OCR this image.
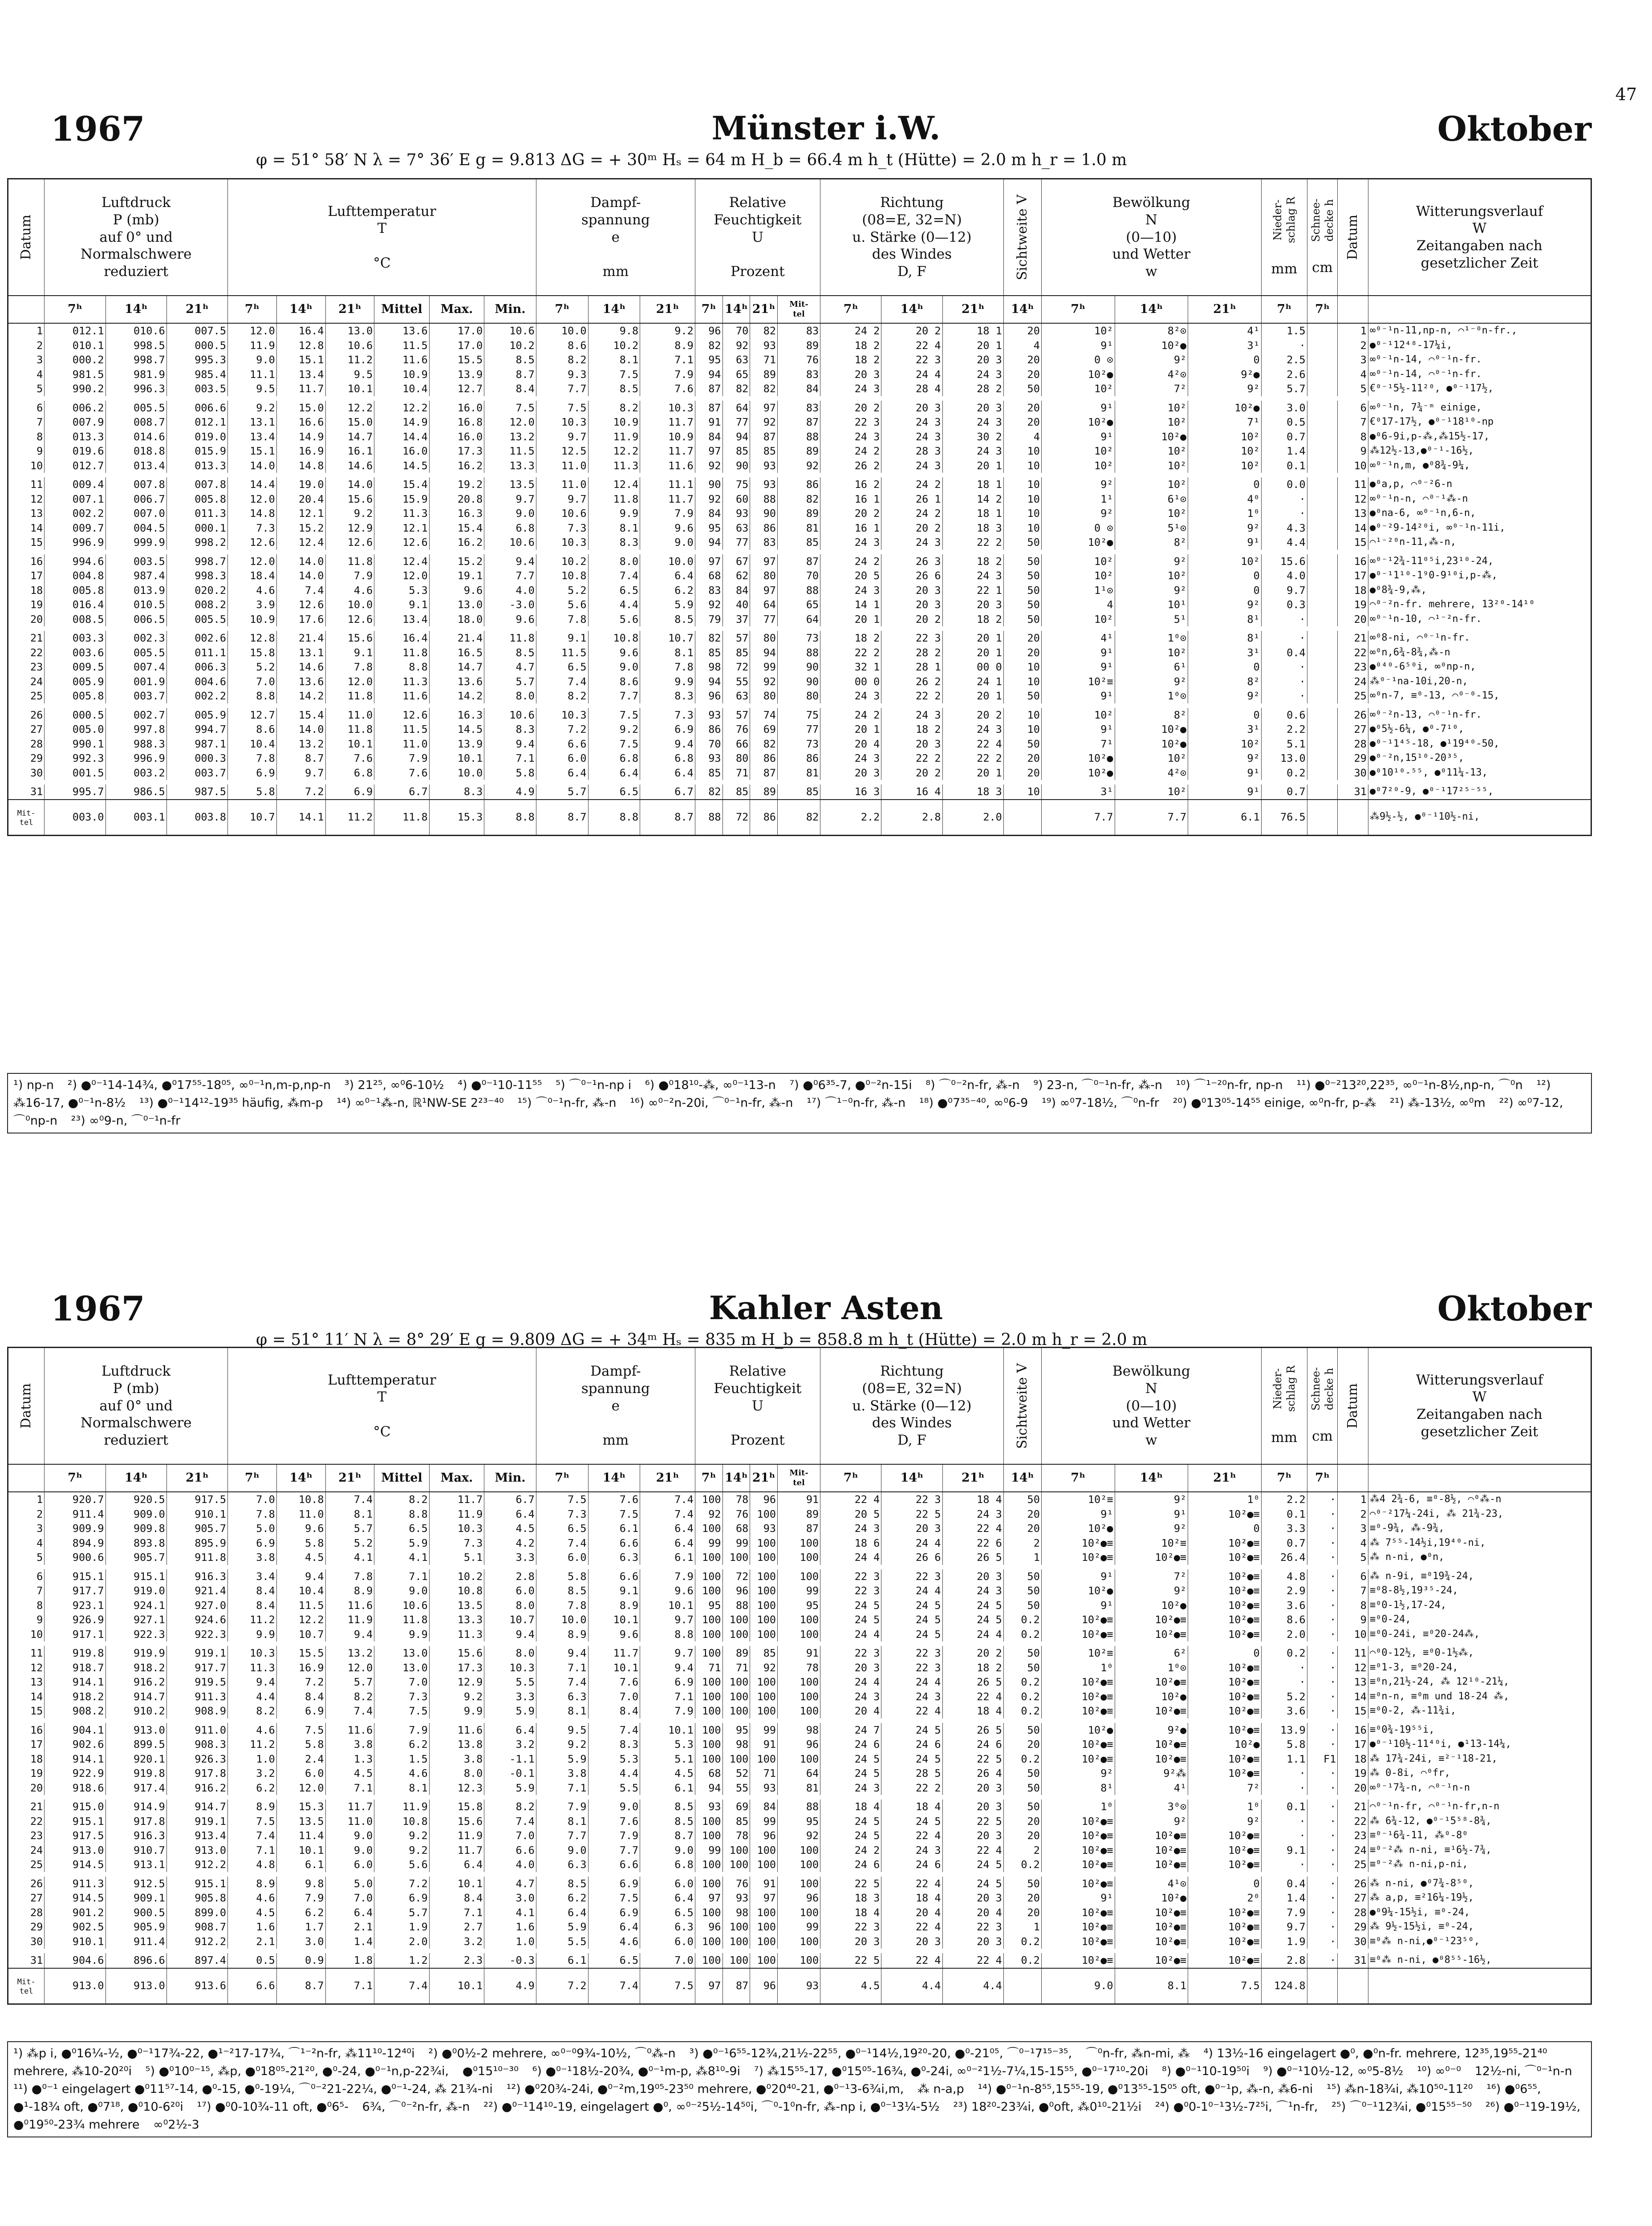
47
1967	Münster i.W.	Oktober
φ = 51° 58′ N λ = 7° 36′ E g = 9.813 ΔG = + 30ᵐ Hₛ = 64 m H_b = 66.4 m h_t (Hütte) = 2.0 m h_r = 1.0 m
Datum	Luftdruck
P (mb)
auf 0° und
Normalschwere
reduziert			Lufttemperatur
T

°C						Dampf-
spannung
e

mm			Relative
Feuchtigkeit
U

Prozent				Richtung
(08=E, 32=N)
u. Stärke (0—12)
des Windes
D, F			Sichtweite V	Bewölkung
N
(0—10)
und Wetter
w			Nieder-
schlag R

mm	Schnee-
decke h

cm	Datum	Witterungsverlauf
W
Zeitangaben nach
gesetzlicher Zeit
	7ʰ	14ʰ	21ʰ	7ʰ	14ʰ	21ʰ	Mittel	Max.	Min.	7ʰ	14ʰ	21ʰ	7ʰ	14ʰ	21ʰ	Mit-
tel	7ʰ	14ʰ	21ʰ	14ʰ	7ʰ	14ʰ	21ʰ	7ʰ	7ʰ		
1	012.1	010.6	007.5	12.0	16.4	13.0	13.6	17.0	10.6	10.0	9.8	9.2	96	70	82	83	24 2	20 2	18 1	20	10²	8²⊙	4¹	1.5		1	∞⁰⁻¹n-11,np-n, ⌒¹⁻⁰n-fr.,
2	010.1	998.5	000.5	11.9	12.8	10.6	11.5	17.0	10.2	8.6	10.2	8.9	82	92	93	89	18 2	22 4	20 1	4	9¹	10²●	3¹	·		2	●⁰⁻¹12⁴⁸-17¼i,
3	000.2	998.7	995.3	9.0	15.1	11.2	11.6	15.5	8.5	8.2	8.1	7.1	95	63	71	76	18 2	22 3	20 3	20	0 ⊙	9²	0	2.5		3	∞⁰⁻¹n-14, ⌒⁰⁻¹n-fr.
4	981.5	981.9	985.4	11.1	13.4	9.5	10.9	13.9	8.7	9.3	7.5	7.9	94	65	89	83	20 3	24 4	24 3	20	10²●	4²⊙	9²●	2.6		4	∞⁰⁻¹n-14, ⌒⁰⁻¹n-fr.
5	990.2	996.3	003.5	9.5	11.7	10.1	10.4	12.7	8.4	7.7	8.5	7.6	87	82	82	84	24 3	28 4	28 2	50	10²	7²	9²	5.7		5	€⁰⁻¹5½-11²⁰, ●⁰⁻¹17½,

6	006.2	005.5	006.6	9.2	15.0	12.2	12.2	16.0	7.5	7.5	8.2	10.3	87	64	97	83	20 2	20 3	20 3	20	9¹	10²	10²●	3.0		6	∞⁰⁻¹n, 7¾⁻ᵐ einige,
7	007.9	008.7	012.1	13.1	16.6	15.0	14.9	16.8	12.0	10.3	10.9	11.7	91	77	92	87	22 3	24 3	24 3	20	10²●	10²	7¹	0.5		7	€⁰17-17½, ●⁰⁻¹18¹⁰-np
8	013.3	014.6	019.0	13.4	14.9	14.7	14.4	16.0	13.2	9.7	11.9	10.9	84	94	87	88	24 3	24 3	30 2	4	9¹	10²●	10²	0.7		8	●⁰6-9i,p-⁂,⁂15½-17,
9	019.6	018.8	015.9	15.1	16.9	16.1	16.0	17.3	11.5	12.5	12.2	11.7	97	85	85	89	24 2	28 3	24 3	10	10²	10²	10²	1.4		9	⁂12½-13,●⁰⁻¹-16½,
10	012.7	013.4	013.3	14.0	14.8	14.6	14.5	16.2	13.3	11.0	11.3	11.6	92	90	93	92	26 2	24 3	20 1	10	10²	10²	10²	0.1		10	∞⁰⁻¹n,m, ●⁰8¾-9¼,

11	009.4	007.8	007.8	14.4	19.0	14.0	15.4	19.2	13.5	11.0	12.4	11.1	90	75	93	86	16 2	24 2	18 1	10	9²	10²	0	0.0		11	●⁰a,p, ⌒⁰⁻²6-n
12	007.1	006.7	005.8	12.0	20.4	15.6	15.9	20.8	9.7	9.7	11.8	11.7	92	60	88	82	16 1	26 1	14 2	10	1¹	6¹⊙	4⁰	·		12	∞⁰⁻¹n-n, ⌒⁰⁻¹⁂-n
13	002.2	007.0	011.3	14.8	12.1	9.2	11.3	16.3	9.0	10.6	9.9	7.9	84	93	90	89	20 2	24 2	18 1	10	9²	10²	1⁰	·		13	●⁰na-6, ∞⁰⁻¹n,6-n,
14	009.7	004.5	000.1	7.3	15.2	12.9	12.1	15.4	6.8	7.3	8.1	9.6	95	63	86	81	16 1	20 2	18 3	10	0 ⊙	5¹⊙	9²	4.3		14	●⁰⁻²9-14²⁰i, ∞⁰⁻¹n-11i,
15	996.9	999.9	998.2	12.6	12.4	12.6	12.6	16.2	10.6	10.3	8.3	9.0	94	77	83	85	24 3	24 3	22 2	50	10²●	8²	9¹	4.4		15	⌒¹⁻²⁰n-11,⁂-n,

16	994.6	003.5	998.7	12.0	14.0	11.8	12.4	15.2	9.4	10.2	8.0	10.0	97	67	97	87	24 2	26 3	18 2	50	10²	9²	10²	15.6		16	∞⁰⁻¹2¾-11⁰⁵i,23¹⁰-24,
17	004.8	987.4	998.3	18.4	14.0	7.9	12.0	19.1	7.7	10.8	7.4	6.4	68	62	80	70	20 5	26 6	24 3	50	10²	10²	0	4.0		17	●⁰⁻¹1¹⁰-1⁹0-9¹⁰i,p-⁂,
18	005.8	013.9	020.2	4.6	7.4	4.6	5.3	9.6	4.0	5.2	6.5	6.2	83	84	97	88	24 3	20 3	22 1	50	1¹⊙	9²	0	9.7		18	●⁰8¾-9,⁂,
19	016.4	010.5	008.2	3.9	12.6	10.0	9.1	13.0	-3.0	5.6	4.4	5.9	92	40	64	65	14 1	20 3	20 3	50	4	10¹	9²	0.3		19	⌒⁰⁻²n-fr. mehrere, 13²⁰-14¹⁰
20	008.5	006.5	005.5	10.9	17.6	12.6	13.4	18.0	9.6	7.8	5.6	8.5	79	37	77	64	20 1	20 2	18 2	50	10²	5¹	8¹	·		20	∞⁰⁻¹n-10, ⌒¹⁻²n-fr.

21	003.3	002.3	002.6	12.8	21.4	15.6	16.4	21.4	11.8	9.1	10.8	10.7	82	57	80	73	18 2	22 3	20 1	20	4¹	1⁰⊙	8¹	·		21	∞⁰8-ni, ⌒⁰⁻¹n-fr.
22	003.6	005.5	011.1	15.8	13.1	9.1	11.8	16.5	8.5	11.5	9.6	8.1	85	85	94	88	22 2	28 2	20 1	20	9¹	10²	3¹	0.4		22	∞⁰n,6¾-8¾,⁂-n
23	009.5	007.4	006.3	5.2	14.6	7.8	8.8	14.7	4.7	6.5	9.0	7.8	98	72	99	90	32 1	28 1	00 0	10	9¹	6¹	0	·		23	●⁰⁴⁰-6⁵⁰i, ∞⁰np-n,
24	005.9	001.9	004.6	7.0	13.6	12.0	11.3	13.6	5.7	7.4	8.6	9.9	94	55	92	90	00 0	26 2	24 1	10	10²≡	9²	8²	·		24	⁂⁰⁻¹na-10i,20-n,
25	005.8	003.7	002.2	8.8	14.2	11.8	11.6	14.2	8.0	8.2	7.7	8.3	96	63	80	80	24 3	22 2	20 1	50	9¹	1⁰⊙	9²	·		25	∞⁰n-7, ≡⁰-13, ⌒⁰⁻⁰-15,

26	000.5	002.7	005.9	12.7	15.4	11.0	12.6	16.3	10.6	10.3	7.5	7.3	93	57	74	75	24 2	24 3	20 2	10	10²	8²	0	0.6		26	∞⁰⁻²n-13, ⌒⁰⁻¹n-fr.
27	005.0	997.8	994.7	8.6	14.0	11.8	11.5	14.5	8.3	7.2	9.2	6.9	86	76	69	77	20 1	18 2	24 3	10	9¹	10²●	3¹	2.2		27	●⁰5½-6¼, ●⁰-7¹⁰,
28	990.1	988.3	987.1	10.4	13.2	10.1	11.0	13.9	9.4	6.6	7.5	9.4	70	66	82	73	20 4	20 3	22 4	50	7¹	10²●	10²	5.1		28	●⁰⁻¹1⁴⁵-18, ●¹19⁴⁰-50,
29	992.3	996.9	000.3	7.8	8.7	7.6	7.9	10.1	7.1	6.0	6.8	6.8	93	80	86	86	24 3	22 2	22 2	20	10²●	10²	9²	13.0		29	●⁰⁻²n,15¹⁰-20³⁵,
30	001.5	003.2	003.7	6.9	9.7	6.8	7.6	10.0	5.8	6.4	6.4	6.4	85	71	87	81	20 3	20 2	20 1	20	10²●	4²⊙	9¹	0.2		30	●⁰10¹⁰-⁵⁵, ●⁰11¼-13,

31	995.7	986.5	987.5	5.8	7.2	6.9	6.7	8.3	4.9	5.7	6.5	6.7	82	85	89	85	16 3	16 4	18 3	10	3¹	10²	9¹	0.7		31	●⁰7²⁰-9, ●⁰⁻¹17²⁵⁻⁵⁵,
Mit-
tel	003.0	003.1	003.8	10.7	14.1	11.2	11.8	15.3	8.8	8.7	8.8	8.7	88	72	86	82	2.2	2.8	2.0		7.7	7.7	6.1	76.5			⁂9½-½, ●⁰⁻¹10½-ni,
¹) np-n ²) ●⁰⁻¹14-14¾, ●⁰17⁵⁵-18⁰⁵, ∞⁰⁻¹n,m-p,np-n ³) 21²⁵, ∞⁰6-10½ ⁴) ●⁰⁻¹10-11⁵⁵ ⁵) ⌒⁰⁻¹n-np i ⁶) ●⁰18¹⁰-⁂, ∞⁰⁻¹13-n ⁷) ●⁰6³⁵-7, ●⁰⁻²n-15i ⁸) ⌒⁰⁻²n-fr, ⁂-n ⁹) 23-n, ⌒⁰⁻¹n-fr, ⁂-n ¹⁰) ⌒¹⁻²⁰n-fr, np-n ¹¹) ●⁰⁻²13²⁰,22³⁵, ∞⁰⁻¹n-8½,np-n, ⌒⁰n ¹²) ⁂16-17, ●⁰⁻¹n-8½ ¹³) ●⁰⁻¹14¹²-19³⁵ häufig, ⁂m-p ¹⁴) ∞⁰⁻¹⁂-n, ℝ¹NW-SE 2²³⁻⁴⁰ ¹⁵) ⌒⁰⁻¹n-fr, ⁂-n ¹⁶) ∞⁰⁻²n-20i, ⌒⁰⁻¹n-fr, ⁂-n ¹⁷) ⌒¹⁻⁰n-fr, ⁂-n ¹⁸) ●⁰7³⁵⁻⁴⁰, ∞⁰6-9 ¹⁹) ∞⁰7-18½, ⌒⁰n-fr ²⁰) ●⁰13⁰⁵-14⁵⁵ einige, ∞⁰n-fr, p-⁂ ²¹) ⁂-13½, ∞⁰m ²²) ∞⁰7-12, ⌒⁰np-n ²³) ∞⁰9-n, ⌒⁰⁻¹n-fr
1967	Kahler Asten	Oktober
φ = 51° 11′ N λ = 8° 29′ E g = 9.809 ΔG = + 34ᵐ Hₛ = 835 m H_b = 858.8 m h_t (Hütte) = 2.0 m h_r = 2.0 m
Datum	Luftdruck
P (mb)
auf 0° und
Normalschwere
reduziert			Lufttemperatur
T

°C						Dampf-
spannung
e

mm			Relative
Feuchtigkeit
U

Prozent				Richtung
(08=E, 32=N)
u. Stärke (0—12)
des Windes
D, F			Sichtweite V	Bewölkung
N
(0—10)
und Wetter
w			Nieder-
schlag R

mm	Schnee-
decke h

cm	Datum	Witterungsverlauf
W
Zeitangaben nach
gesetzlicher Zeit
	7ʰ	14ʰ	21ʰ	7ʰ	14ʰ	21ʰ	Mittel	Max.	Min.	7ʰ	14ʰ	21ʰ	7ʰ	14ʰ	21ʰ	Mit-
tel	7ʰ	14ʰ	21ʰ	14ʰ	7ʰ	14ʰ	21ʰ	7ʰ	7ʰ		
1	920.7	920.5	917.5	7.0	10.8	7.4	8.2	11.7	6.7	7.5	7.6	7.4	100	78	96	91	22 4	22 3	18 4	50	10²≡	9²	1⁰	2.2	·	1	⁂4 2¾-6, ≡⁰-8½, ⌒⁰⁂-n
2	911.4	909.0	910.1	7.8	11.0	8.1	8.8	11.9	6.4	7.3	7.5	7.4	92	76	100	89	20 5	22 5	24 3	20	9¹	9¹	10²●≡	0.1	·	2	⌒⁰⁻²17¼-24i, ⁂ 21¾-23,
3	909.9	909.8	905.7	5.0	9.6	5.7	6.5	10.3	4.5	6.5	6.1	6.4	100	68	93	87	24 3	20 3	22 4	20	10²●	9²	0	3.3	·	3	≡⁰-9¾, ⁂-9¾,
4	894.9	893.8	895.9	6.9	5.8	5.2	5.9	7.3	4.2	7.4	6.6	6.4	99	99	100	100	18 6	24 4	22 6	2	10²●≡	10²≡	10²●≡	0.7	·	4	⁂ 7⁵⁵-14½i,19⁴⁰-ni,
5	900.6	905.7	911.8	3.8	4.5	4.1	4.1	5.1	3.3	6.0	6.3	6.1	100	100	100	100	24 4	26 6	26 5	1	10²●≡	10²●≡	10²●≡	26.4	·	5	⁂ n-ni, ●⁰n,

6	915.1	915.1	916.3	3.4	9.4	7.8	7.1	10.2	2.8	5.8	6.6	7.9	100	72	100	100	22 3	22 3	20 3	50	9¹	7²	10²●≡	4.8	·	6	⁂ n-9i, ≡⁰19¾-24,
7	917.7	919.0	921.4	8.4	10.4	8.9	9.0	10.8	6.0	8.5	9.1	9.6	100	96	100	99	22 3	24 4	24 3	50	10²●	9²	10²●≡	2.9	·	7	≡⁰8-8½,19³⁵-24,
8	923.1	924.1	927.0	8.4	11.5	11.6	10.6	13.5	8.0	7.8	8.9	10.1	95	88	100	95	24 5	24 5	24 5	50	9¹	10²●	10²●≡	3.6	·	8	≡⁰0-1½,17-24,
9	926.9	927.1	924.6	11.2	12.2	11.9	11.8	13.3	10.7	10.0	10.1	9.7	100	100	100	100	24 5	24 5	24 5	0.2	10²●≡	10²●≡	10²●≡	8.6	·	9	≡⁰0-24,
10	917.1	922.3	922.3	9.9	10.7	9.4	9.9	11.3	9.4	8.9	9.6	8.8	100	100	100	100	24 4	24 5	24 4	0.2	10²●≡	10²●≡	10²●≡	2.0	·	10	≡⁰0-24i, ≡⁰20-24⁂,

11	919.8	919.9	919.1	10.3	15.5	13.2	13.0	15.6	8.0	9.4	11.7	9.7	100	89	85	91	22 3	22 3	20 2	50	10²≡	6²	0	0.2	·	11	⌒⁰0-12½, ≡⁰0-1½⁂,
12	918.7	918.2	917.7	11.3	16.9	12.0	13.0	17.3	10.3	7.1	10.1	9.4	71	71	92	78	20 3	22 3	18 2	50	1⁰	1⁰⊙	10²●≡	·	·	12	≡⁰1-3, ≡⁰20-24,
13	914.1	916.2	919.5	9.4	7.2	5.7	7.0	12.9	5.5	7.4	7.6	6.9	100	100	100	100	24 4	24 4	26 5	0.2	10²●≡	10²●≡	10²●≡	·	·	13	≡⁰n,21½-24, ⁂ 12¹⁰-21¼,
14	918.2	914.7	911.3	4.4	8.4	8.2	7.3	9.2	3.3	6.3	7.0	7.1	100	100	100	100	24 3	24 3	22 4	0.2	10²●≡	10²●	10²●≡	5.2	·	14	≡⁰n-n, ≡⁰m und 18-24 ⁂,
15	908.2	910.2	908.9	8.2	6.9	7.4	7.5	9.9	5.9	8.1	8.4	7.9	100	100	100	100	20 4	22 4	18 4	0.2	10²●≡	10²●≡	10²●≡	3.6	·	15	≡⁰0-2, ⁂-11¾i,

16	904.1	913.0	911.0	4.6	7.5	11.6	7.9	11.6	6.4	9.5	7.4	10.1	100	95	99	98	24 7	24 5	26 5	50	10²●	9²●	10²●≡	13.9	·	16	≡⁰0¾-19⁵⁵i,
17	902.6	899.5	908.3	11.2	5.8	3.8	6.2	13.8	3.2	9.2	8.3	5.3	100	98	91	96	24 6	24 6	24 6	20	10²●≡	10²●≡	10²●	5.8	·	17	●⁰⁻¹10½-11⁴⁰i, ●¹13-14¼,
18	914.1	920.1	926.3	1.0	2.4	1.3	1.5	3.8	-1.1	5.9	5.3	5.1	100	100	100	100	24 5	24 5	22 5	0.2	10²●≡	10²●≡	10²●≡	1.1	F1	18	⁂ 17¾-24i, ≡²⁻¹18-21,
19	922.9	919.8	917.8	3.2	6.0	4.5	4.6	8.0	-0.1	3.8	4.4	4.5	68	52	71	64	24 5	28 5	26 4	50	9²	9²⁂	10²●≡	·	·	19	⁂ 0-8i, ⌒⁰fr,
20	918.6	917.4	916.2	6.2	12.0	7.1	8.1	12.3	5.9	7.1	5.5	6.1	94	55	93	81	24 3	22 2	20 3	50	8¹	4¹	7²	·	·	20	∞⁰⁻¹7¾-n, ⌒⁰⁻¹n-n

21	915.0	914.9	914.7	8.9	15.3	11.7	11.9	15.8	8.2	7.9	9.0	8.5	93	69	84	88	18 4	18 4	20 3	50	1⁰	3⁰⊙	1⁰	0.1	·	21	⌒⁰⁻¹n-fr, ⌒⁰⁻¹n-fr,n-n
22	915.1	917.8	919.1	7.5	13.5	11.0	10.8	15.6	7.4	8.1	7.6	8.5	100	85	99	95	24 5	24 5	22 5	20	10²●≡	9²	9²	·	·	22	⁂ 6¾-12, ●⁰⁻¹5⁵⁸-8¾,
23	917.5	916.3	913.4	7.4	11.4	9.0	9.2	11.9	7.0	7.7	7.9	8.7	100	78	96	92	24 5	22 4	20 3	20	10²●≡	10²●≡	10²●≡	·	·	23	≡⁰⁻¹6¾-11, ⁂⁰-8⁰
24	913.0	910.7	913.0	7.1	10.1	9.0	9.2	11.7	6.6	9.0	7.7	9.0	99	100	100	100	24 2	24 3	22 4	2	10²●≡	10²●≡	10²●≡	9.1	·	24	≡⁰⁻²⁂ n-ni, ≡¹6½-7¾,
25	914.5	913.1	912.2	4.8	6.1	6.0	5.6	6.4	4.0	6.3	6.6	6.8	100	100	100	100	24 6	24 6	24 5	0.2	10²●≡	10²●≡	10²●≡	·	·	25	≡⁰⁻²⁂ n-ni,p-ni,

26	911.3	912.5	915.1	8.9	9.8	5.0	7.2	10.1	4.7	8.5	6.9	6.0	100	76	91	100	22 5	22 4	24 5	50	10²●≡	4¹⊙	0	0.4	·	26	⁂ n-ni, ●⁰7¾-8⁵⁰,
27	914.5	909.1	905.8	4.6	7.9	7.0	6.9	8.4	3.0	6.2	7.5	6.4	97	93	97	96	18 3	18 4	20 3	20	9¹	10²●	2⁰	1.4	·	27	⁂ a,p, ≡²16¼-19½,
28	901.2	900.5	899.0	4.5	6.2	6.4	5.7	7.1	4.1	6.4	6.9	6.5	100	98	100	100	18 4	20 4	20 4	20	10²●≡	10²●≡	10²●≡	7.9	·	28	●⁰9¼-15½i, ≡⁰-24,
29	902.5	905.9	908.7	1.6	1.7	2.1	1.9	2.7	1.6	5.9	6.4	6.3	96	100	100	99	22 3	22 4	22 3	1	10²●≡	10²●≡	10²●≡	9.7	·	29	⁂ 9½-15½i, ≡⁰-24,
30	910.1	911.4	912.2	2.1	3.0	1.4	2.0	3.2	1.0	5.5	4.6	6.0	100	100	100	100	20 3	20 3	20 3	0.2	10²●≡	10²●≡	10²●≡	1.9	·	30	≡⁰⁂ n-ni,●⁰⁻¹23⁵⁰,

31	904.6	896.6	897.4	0.5	0.9	1.8	1.2	2.3	-0.3	6.1	6.5	7.0	100	100	100	100	22 5	22 4	22 4	0.2	10²●≡	10²●≡	10²●≡	2.8	·	31	≡⁰⁂ n-ni, ●⁰8⁵⁵-16½,
Mit-
tel	913.0	913.0	913.6	6.6	8.7	7.1	7.4	10.1	4.9	7.2	7.4	7.5	97	87	96	93	4.5	4.4	4.4		9.0	8.1	7.5	124.8			
¹) ⁂p i, ●⁰16¼-½, ●⁰⁻¹17¾-22, ●¹⁻²17-17¾, ⌒¹⁻²n-fr, ⁂11¹⁰-12⁴⁰i ²) ●⁰0½-2 mehrere, ∞⁰⁻⁰9¾-10½, ⌒⁰⁂-n ³) ●⁰⁻¹6⁵⁵-12¾,21½-22⁵⁵, ●⁰⁻¹14½,19²⁰-20, ●⁰-21⁰⁵, ⌒⁰⁻¹7¹⁵⁻³⁵, ⌒⁰n-fr, ⁂n-mi, ⁂ ⁴) 13½-16 eingelagert ●⁰, ●⁰n-fr. mehrere, 12³⁵,19⁵⁵-21⁴⁰ mehrere, ⁂10-20²⁰i ⁵) ●⁰10⁰⁻¹⁵, ⁂p, ●⁰18⁰⁵-21²⁰, ●⁰-24, ●⁰⁻¹n,p-22¾i, ●⁰15¹⁰⁻³⁰ ⁶) ●⁰⁻¹18½-20¾, ●⁰⁻¹m-p, ⁂8¹⁰-9i ⁷) ⁂15⁵⁵-17, ●⁰15⁰⁵-16¾, ●⁰-24i, ∞⁰⁻²1½-7¼,15-15⁵⁵, ●⁰⁻¹7¹⁰-20i ⁸) ●⁰⁻¹10-19⁵⁰i ⁹) ●⁰⁻¹10½-12, ∞⁰5-8½ ¹⁰) ∞⁰⁻⁰ 12½-ni, ⌒⁰⁻¹n-n ¹¹) ●⁰⁻¹ eingelagert ●⁰11⁵⁷-14, ●⁰-15, ●⁰-19¼, ⌒⁰⁻²21-22¼, ●⁰⁻¹-24, ⁂ 21¾-ni ¹²) ●⁰20¾-24i, ●⁰⁻²m,19⁰⁵-23⁵⁰ mehrere, ●⁰20⁴⁰-21, ●⁰⁻¹3-6¾i,m, ⁂ n-a,p ¹⁴) ●⁰⁻¹n-8⁵⁵,15⁵⁵-19, ●⁰13⁵⁵-15⁰⁵ oft, ●⁰⁻¹p, ⁂-n, ⁂6-ni ¹⁵) ⁂n-18¾i, ⁂10⁵⁰-11²⁰ ¹⁶) ●⁰6⁵⁵, ●¹-18¾ oft, ●⁰7¹⁸, ●⁰10-6²⁰i ¹⁷) ●⁰0-10¾-11 oft, ●⁰6⁵- 6¾, ⌒⁰⁻²n-fr, ⁂-n ²²) ●⁰⁻¹14¹⁰-19, eingelagert ●⁰, ∞⁰⁻²5½-14⁵⁰i, ⌒⁰-1⁰n-fr, ⁂-np i, ●⁰⁻¹3¼-5½ ²³) 18²⁰-23¾i, ●⁰oft, ⁂0¹⁰-21½i ²⁴) ●⁰0-1⁰⁻¹3½-7²⁵i, ⌒¹n-fr, ²⁵) ⌒⁰⁻¹12¾i, ●⁰15⁵⁵⁻⁵⁰ ²⁶) ●⁰⁻¹19-19½, ●⁰19⁵⁰-23¾ mehrere ∞⁰2½-3
